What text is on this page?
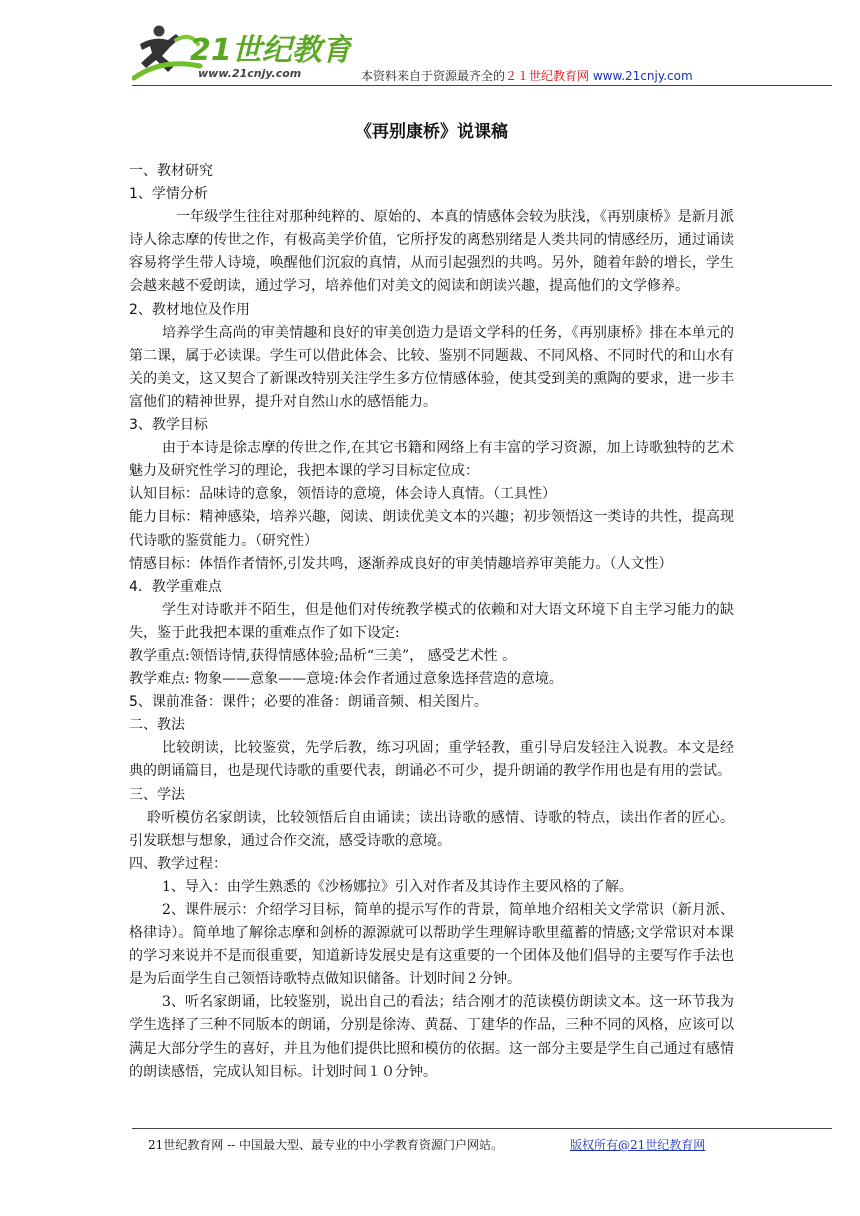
21世纪教育
www.21cnjy.com	本资料来自于资源最齐全的２１世纪教育网 www.21cnjy.com
《再别康桥》说课稿

一、教材研究

1、学情分析

一年级学生往往对那种纯粹的、原始的、本真的情感体会较为肤浅，《再别康桥》是新月派诗人徐志摩的传世之作，有极高美学价值，它所抒发的离愁别绪是人类共同的情感经历，通过诵读容易将学生带人诗境，唤醒他们沉寂的真情，从而引起强烈的共鸣。另外，随着年龄的增长，学生会越来越不爱朗读，通过学习，培养他们对美文的阅读和朗读兴趣，提高他们的文学修养。

2、教材地位及作用

培养学生高尚的审美情趣和良好的审美创造力是语文学科的任务，《再别康桥》排在本单元的第二课，属于必读课。学生可以借此体会、比较、鉴别不同题裁、不同风格、不同时代的和山水有关的美文，这又契合了新课改特别关注学生多方位情感体验，使其受到美的熏陶的要求，进一步丰富他们的精神世界，提升对自然山水的感悟能力。

3、教学目标

由于本诗是徐志摩的传世之作,在其它书籍和网络上有丰富的学习资源，加上诗歌独特的艺术魅力及研究性学习的理论，我把本课的学习目标定位成：

认知目标：品味诗的意象，领悟诗的意境，体会诗人真情。（工具性）

能力目标：精神感染，培养兴趣，阅读、朗读优美文本的兴趣；初步领悟这一类诗的共性，提高现代诗歌的鉴赏能力。（研究性）

情感目标：体悟作者情怀,引发共鸣，逐渐养成良好的审美情趣培养审美能力。（人文性）

4．教学重难点

学生对诗歌并不陌生，但是他们对传统教学模式的依赖和对大语文环境下自主学习能力的缺失，鉴于此我把本课的重难点作了如下设定:

教学重点:领悟诗情,获得情感体验;品析“三美”， 感受艺术性 。

教学难点: 物象——意象——意境:体会作者通过意象选择营造的意境。

5、课前准备：课件；必要的准备：朗诵音频、相关图片。

二、教法

比较朗读，比较鉴赏，先学后教，练习巩固；重学轻教，重引导启发轻注入说教。本文是经典的朗诵篇目，也是现代诗歌的重要代表，朗诵必不可少，提升朗诵的教学作用也是有用的尝试。

三、学法

聆听模仿名家朗读，比较领悟后自由诵读；读出诗歌的感情、诗歌的特点，读出作者的匠心。引发联想与想象，通过合作交流，感受诗歌的意境。

四、教学过程：

1、导入：由学生熟悉的《沙杨娜拉》引入对作者及其诗作主要风格的了解。

2、课件展示：介绍学习目标，简单的提示写作的背景，简单地介绍相关文学常识（新月派、格律诗）。简单地了解徐志摩和剑桥的源源就可以帮助学生理解诗歌里蕴蓄的情感;文学常识对本课的学习来说并不是而很重要，知道新诗发展史是有这重要的一个团体及他们倡导的主要写作手法也是为后面学生自己领悟诗歌特点做知识储备。计划时间２分钟。

3、听名家朗诵，比较鉴别，说出自己的看法；结合刚才的范读模仿朗读文本。这一环节我为学生选择了三种不同版本的朗诵，分别是徐涛、黄磊、丁建华的作品，三种不同的风格，应该可以满足大部分学生的喜好，并且为他们提供比照和模仿的依据。这一部分主要是学生自己通过有感情的朗读感悟，完成认知目标。计划时间１０分钟。

21世纪教育网 -- 中国最大型、最专业的中小学教育资源门户网站。	版权所有@21世纪教育网
